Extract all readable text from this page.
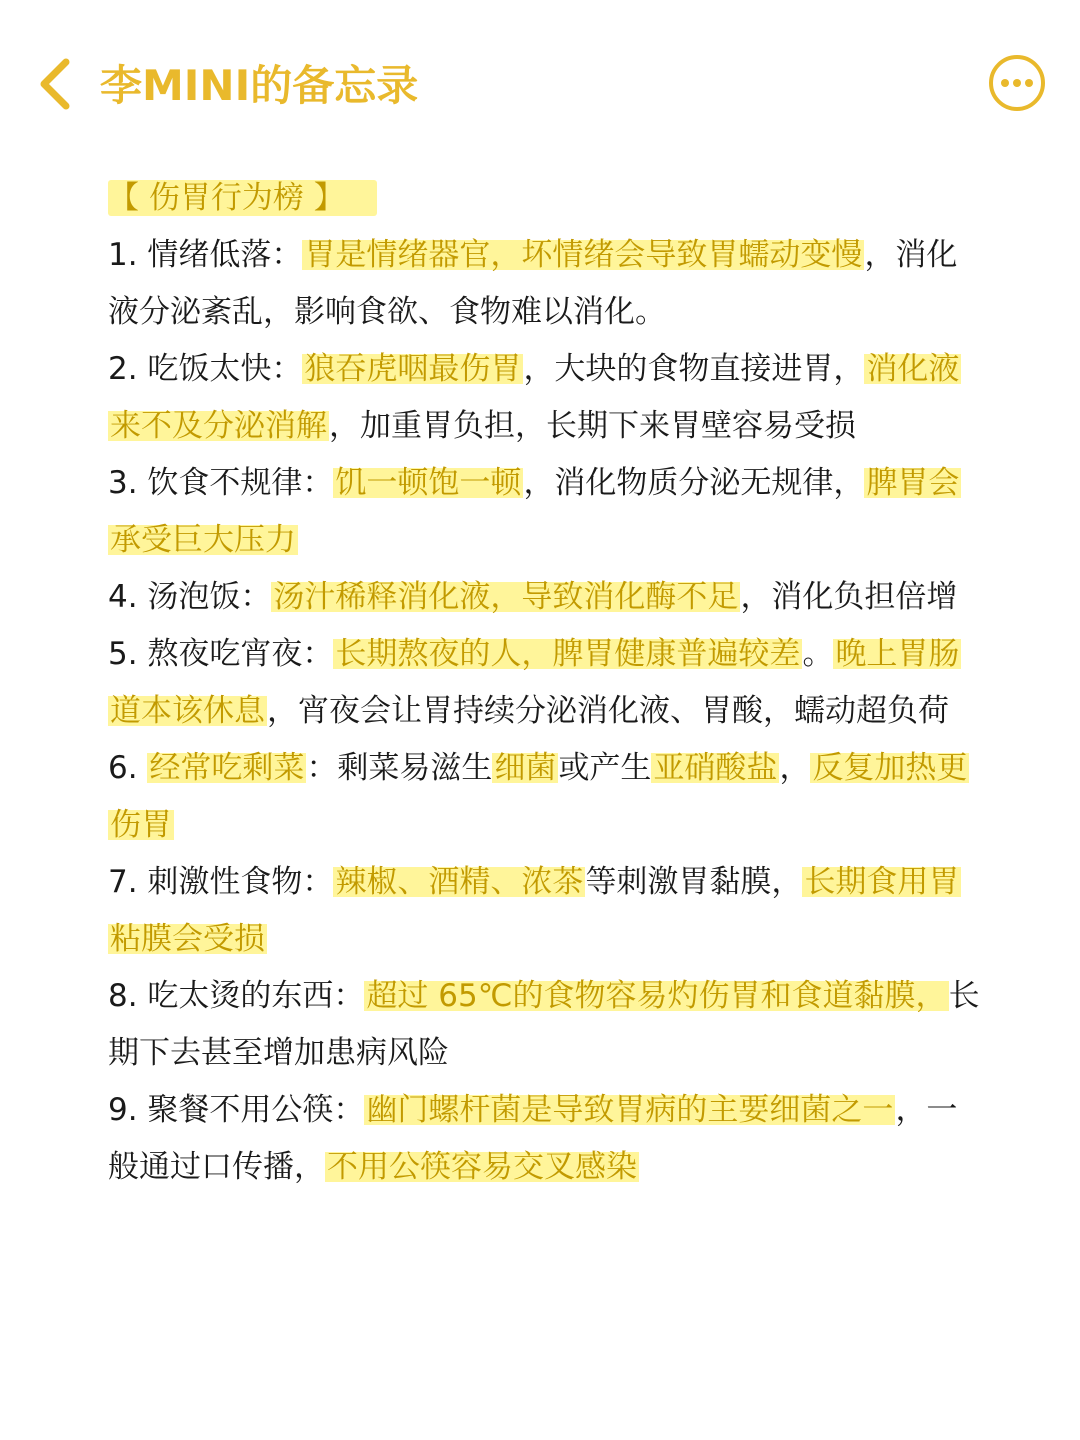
李MINI的备忘录
【 伤胃行为榜 】
1. 情绪低落：胃是情绪器官，坏情绪会导致胃蠕动变慢，消化液分泌紊乱，影响食欲、食物难以消化。
2. 吃饭太快：狼吞虎咽最伤胃，大块的食物直接进胃，消化液来不及分泌消解，加重胃负担，长期下来胃壁容易受损
3. 饮食不规律：饥一顿饱一顿，消化物质分泌无规律，脾胃会承受巨大压力
4. 汤泡饭：汤汁稀释消化液，导致消化酶不足，消化负担倍增
5. 熬夜吃宵夜：长期熬夜的人，脾胃健康普遍较差。晚上胃肠道本该休息，宵夜会让胃持续分泌消化液、胃酸，蠕动超负荷
6. 经常吃剩菜：剩菜易滋生细菌或产生亚硝酸盐，反复加热更伤胃
7. 刺激性食物：辣椒、酒精、浓茶等刺激胃黏膜，长期食用胃粘膜会受损
8. 吃太烫的东西：超过 65℃的食物容易灼伤胃和食道黏膜，长期下去甚至增加患病风险
9. 聚餐不用公筷：幽门螺杆菌是导致胃病的主要细菌之一，一般通过口传播，不用公筷容易交叉感染
